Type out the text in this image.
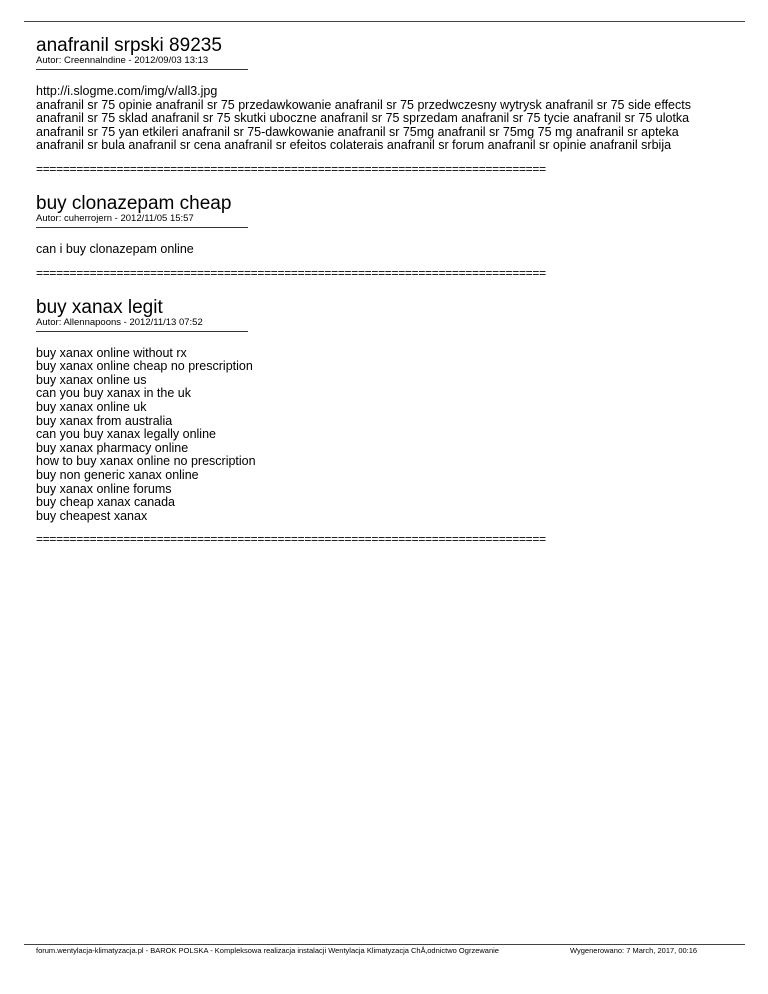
anafranil srpski 89235
Autor: Creennalndine - 2012/09/03 13:13
http://i.slogme.com/img/v/all3.jpg
anafranil sr 75 opinie anafranil sr 75 przedawkowanie anafranil sr 75 przedwczesny wytrysk anafranil sr 75 side effects
anafranil sr 75 sklad anafranil sr 75 skutki uboczne anafranil sr 75 sprzedam anafranil sr 75 tycie anafranil sr 75 ulotka
anafranil sr 75 yan etkileri anafranil sr 75-dawkowanie anafranil sr 75mg anafranil sr 75mg 75 mg anafranil sr apteka
anafranil sr bula anafranil sr cena anafranil sr efeitos colaterais anafranil sr forum anafranil sr opinie anafranil srbija
============================================================================
buy clonazepam cheap
Autor: cuherrojern - 2012/11/05 15:57
can i buy clonazepam online
============================================================================
buy xanax legit
Autor: Allennapoons - 2012/11/13 07:52
buy xanax online without rx
buy xanax online cheap no prescription
buy xanax online us
can you buy xanax in the uk
buy xanax online uk
buy xanax from australia
can you buy xanax legally online
buy xanax pharmacy online
how to buy xanax online no prescription
buy non generic xanax online
buy xanax online forums
buy cheap xanax canada
buy cheapest xanax
============================================================================
forum.wentylacja-klimatyzacja.pl - BAROK POLSKA - Kompleksowa realizacja instalacji Wentylacja Klimatyzacja ChÅ‚odnictwo Ogrzewanie	Wygenerowano: 7 March, 2017, 00:16
